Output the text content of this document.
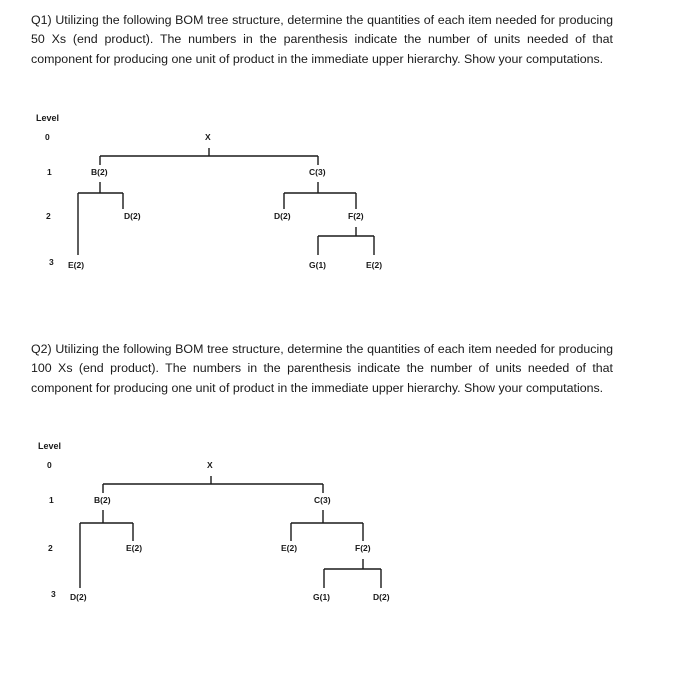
Q1) Utilizing the following BOM tree structure, determine the quantities of each item needed for producing 50 Xs (end product). The numbers in the parenthesis indicate the number of units needed of that component for producing one unit of product in the immediate upper hierarchy. Show your computations.

Level
0
1
2
3
X
B(2)
D(2)
E(2)
C(3)
D(2)	F(2)
G(1)	E(2)

Q2) Utilizing the following BOM tree structure, determine the quantities of each item needed for producing 100 Xs (end product). The numbers in the parenthesis indicate the number of units needed of that component for producing one unit of product in the immediate upper hierarchy. Show your computations.

Level
0
1
2
3
X
B(2)
E(2)
D(2)
C(3)
E(2)	F(2)
G(1)	D(2)
